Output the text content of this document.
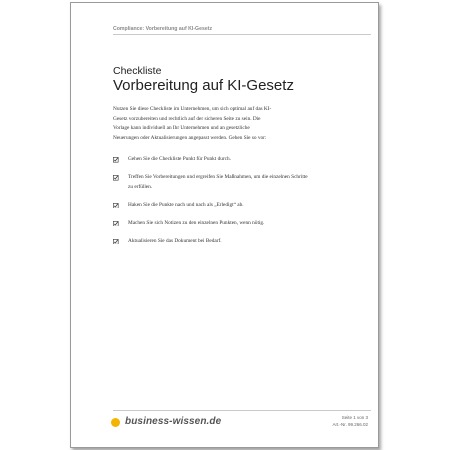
Compliance: Vorbereitung auf KI-Gesetz
Checkliste
Vorbereitung auf KI-Gesetz
Nutzen Sie diese Checkliste im Unternehmen, um sich optimal auf das KI-
Gesetz vorzubereiten und rechtlich auf der sicheren Seite zu sein. Die
Vorlage kann individuell an Ihr Unternehmen und an gesetzliche
Neuerungen oder Aktualisierungen angepasst werden. Gehen Sie so vor:
Gehen Sie die Checkliste Punkt für Punkt durch.
Treffen Sie Vorbereitungen und ergreifen Sie Maßnahmen, um die einzelnen Schritte zu erfüllen.
Haken Sie die Punkte nach und nach als „Erledigt“ ab.
Machen Sie sich Notizen zu den einzelnen Punkten, wenn nötig.
Aktualisieren Sie das Dokument bei Bedarf.
business-wissen.de	Seite 1 von 3
Art.-Nr. 99.266.02
